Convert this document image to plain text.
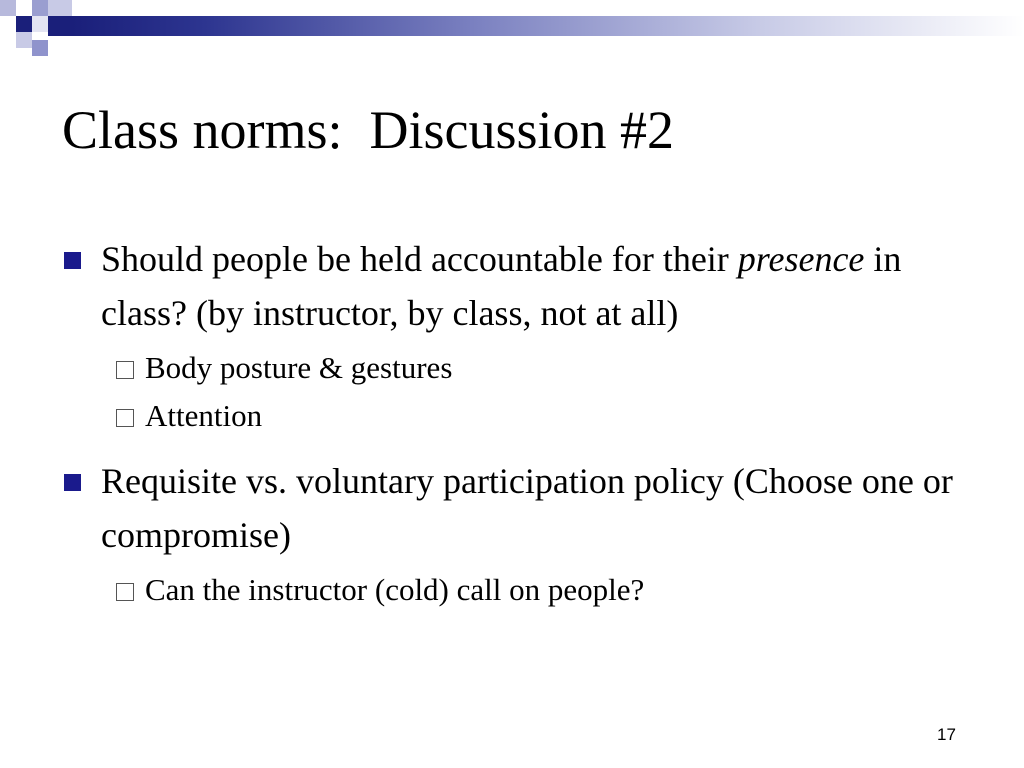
Class norms:  Discussion #2
Should people be held accountable for their presence in class? (by instructor, by class, not at all)
Body posture & gestures
Attention
Requisite vs. voluntary participation policy (Choose one or compromise)
Can the instructor (cold) call on people?
17
